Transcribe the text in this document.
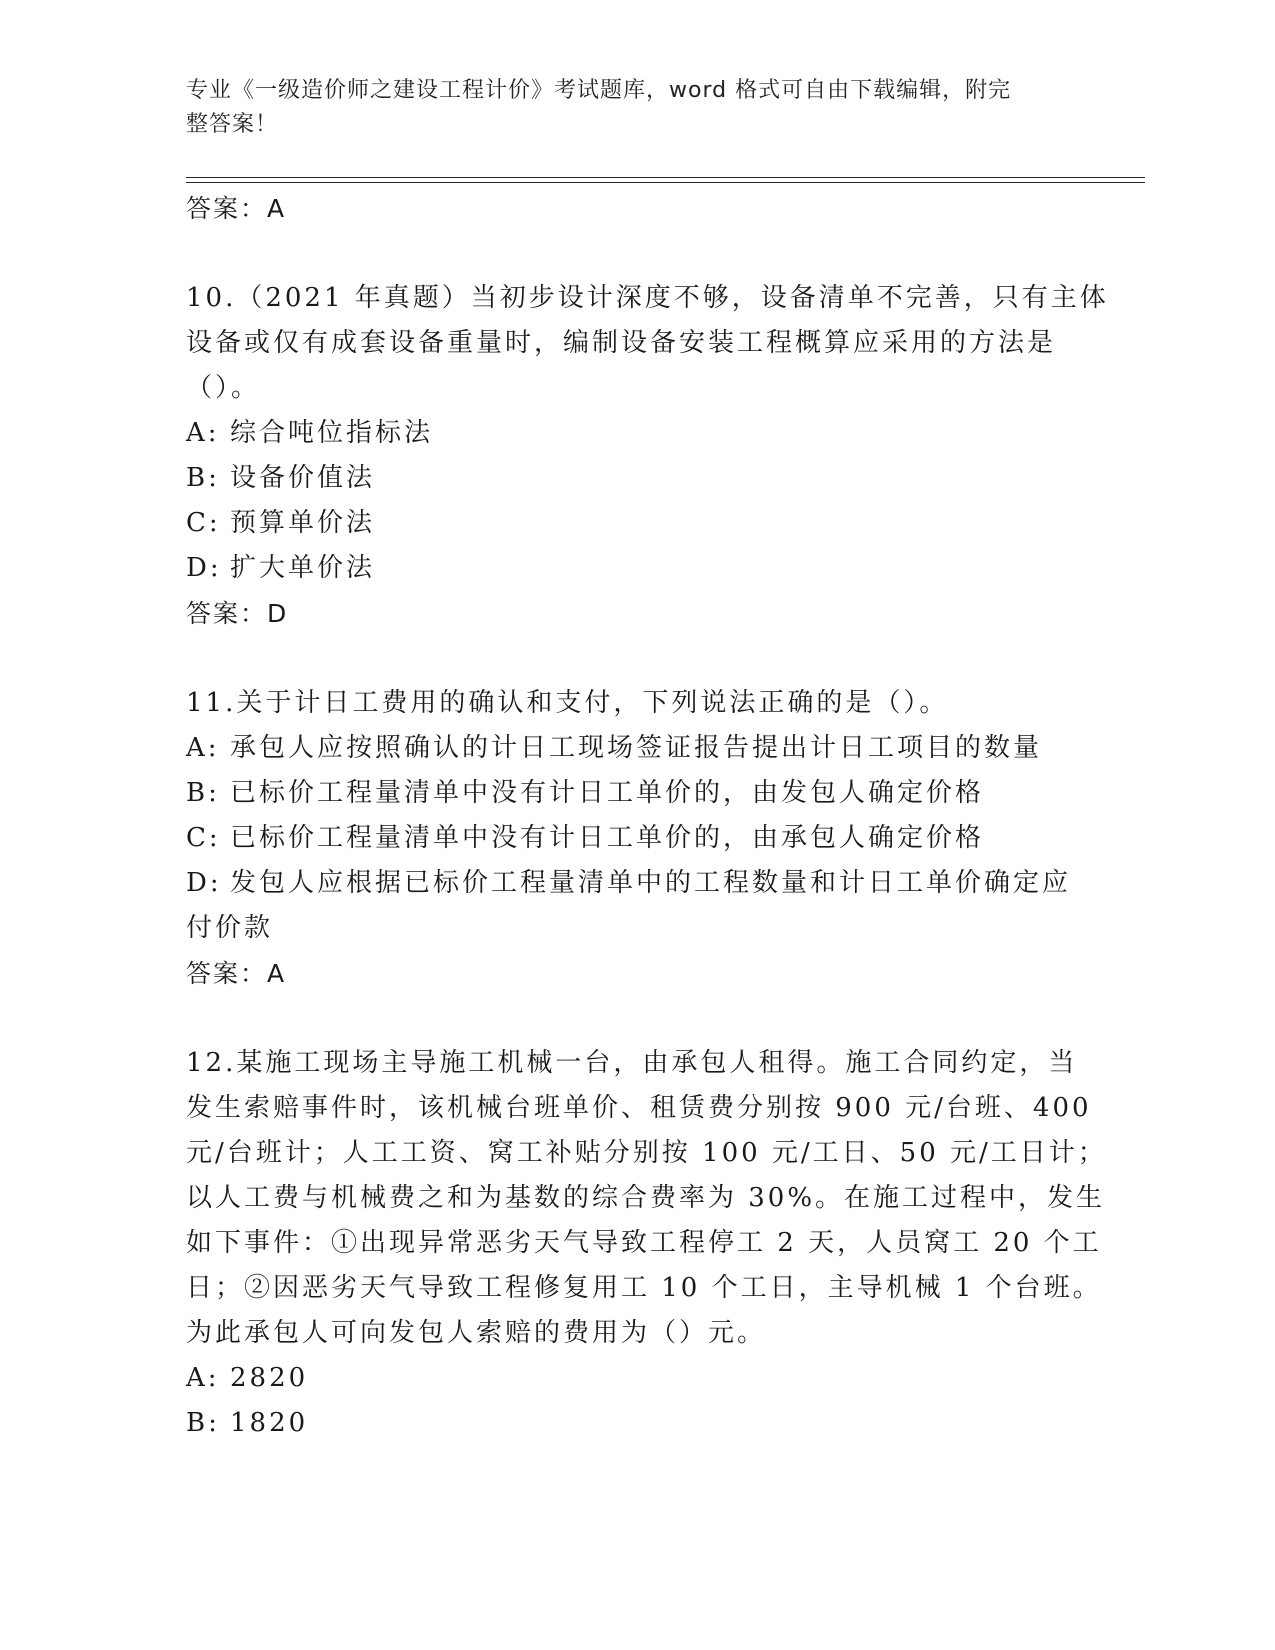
专业《一级造价师之建设工程计价》考试题库，word 格式可自由下载编辑，附完
整答案！
答案：A
10.（2021 年真题）当初步设计深度不够，设备清单不完善，只有主体
设备或仅有成套设备重量时，编制设备安装工程概算应采用的方法是
（）。
A: 综合吨位指标法
B: 设备价值法
C: 预算单价法
D: 扩大单价法
答案：D
11.关于计日工费用的确认和支付，下列说法正确的是（）。
A: 承包人应按照确认的计日工现场签证报告提出计日工项目的数量
B: 已标价工程量清单中没有计日工单价的，由发包人确定价格
C: 已标价工程量清单中没有计日工单价的，由承包人确定价格
D: 发包人应根据已标价工程量清单中的工程数量和计日工单价确定应
付价款
答案：A
12.某施工现场主导施工机械一台，由承包人租得。施工合同约定，当
发生索赔事件时，该机械台班单价、租赁费分别按 900 元/台班、400
元/台班计；人工工资、窝工补贴分别按 100 元/工日、50 元/工日计；
以人工费与机械费之和为基数的综合费率为 30%。在施工过程中，发生
如下事件：①出现异常恶劣天气导致工程停工 2 天，人员窝工 20 个工
日；②因恶劣天气导致工程修复用工 10 个工日，主导机械 1 个台班。
为此承包人可向发包人索赔的费用为（）元。
A: 2820
B: 1820
